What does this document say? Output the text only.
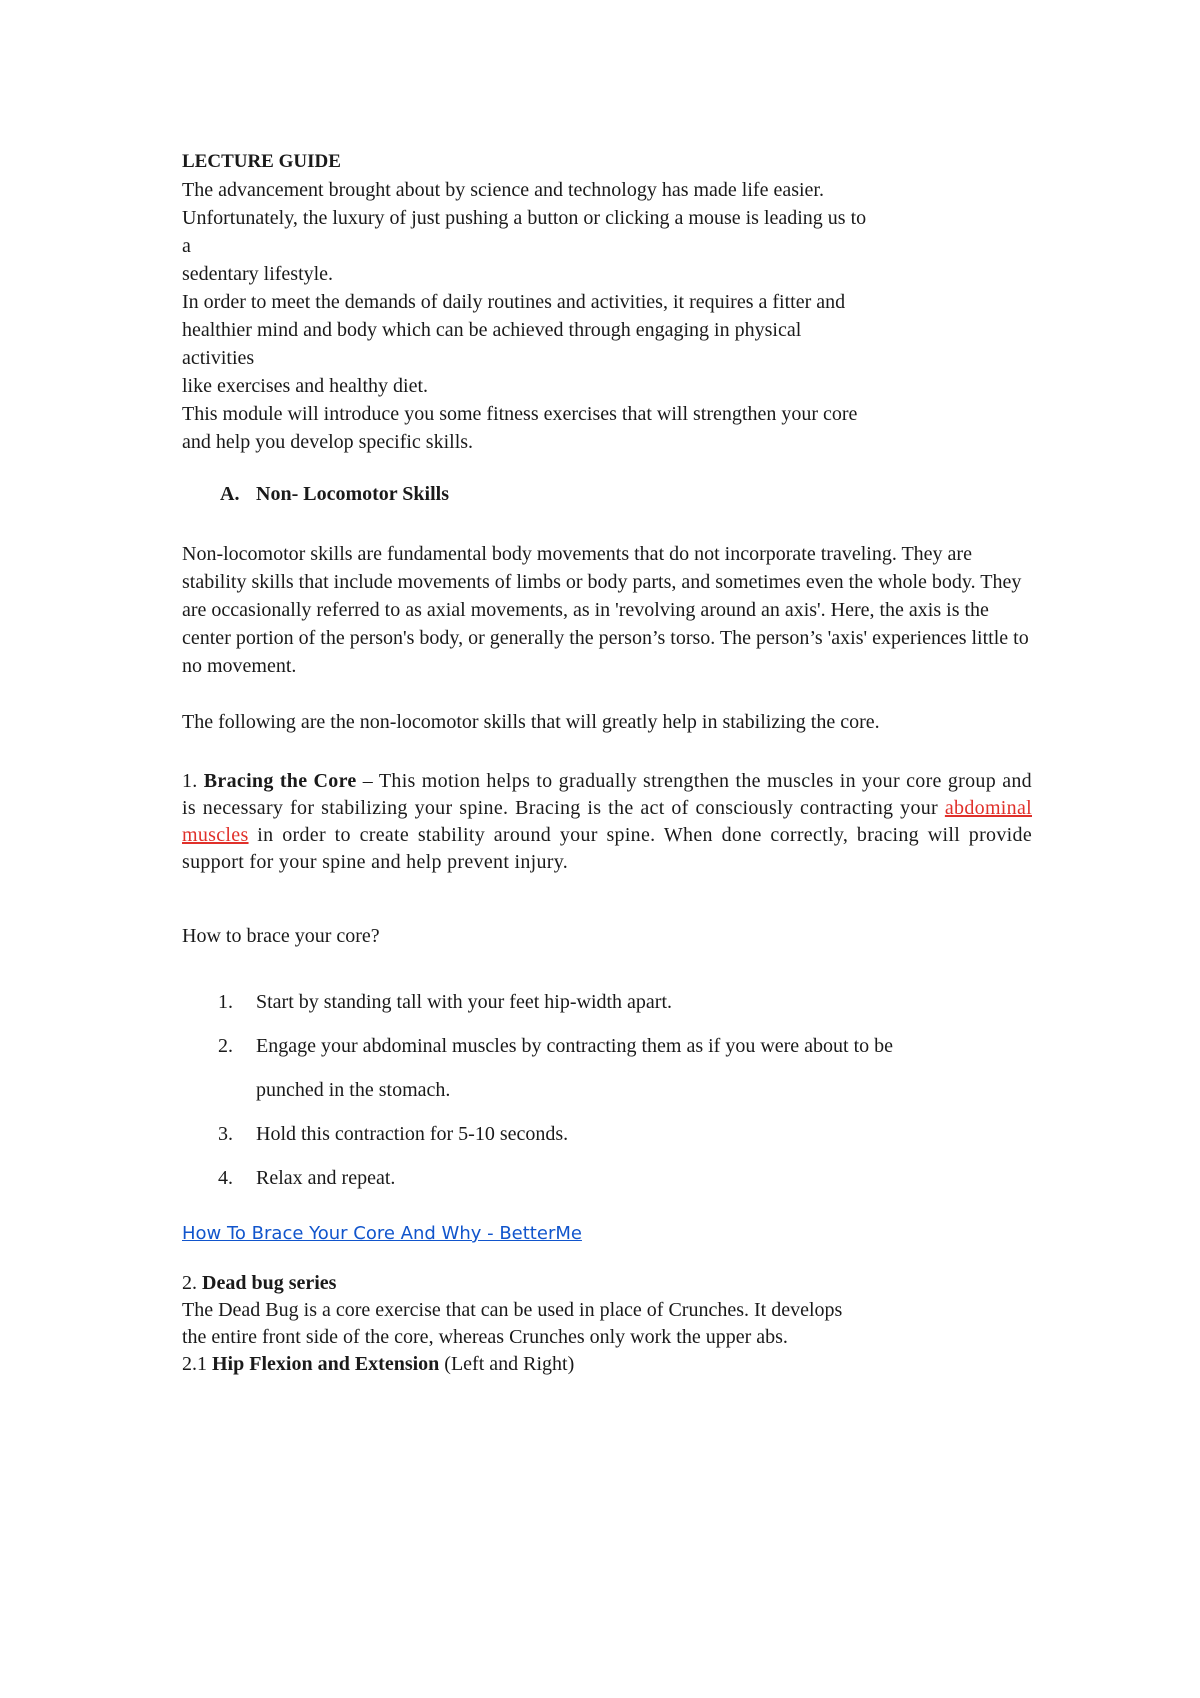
LECTURE GUIDE

The advancement brought about by science and technology has made life easier.

Unfortunately, the luxury of just pushing a button or clicking a mouse is leading us to

a

sedentary lifestyle.

In order to meet the demands of daily routines and activities, it requires a fitter and

healthier mind and body which can be achieved through engaging in physical

activities

like exercises and healthy diet.

This module will introduce you some fitness exercises that will strengthen your core

and help you develop specific skills.

A. Non- Locomotor Skills

Non-locomotor skills are fundamental body movements that do not incorporate traveling. They are stability skills that include movements of limbs or body parts, and sometimes even the whole body. They are occasionally referred to as axial movements, as in 'revolving around an axis'. Here, the axis is the center portion of the person's body, or generally the person’s torso. The person’s 'axis' experiences little to no movement.

The following are the non-locomotor skills that will greatly help in stabilizing the core.

1. Bracing the Core – This motion helps to gradually strengthen the muscles in your core group and is necessary for stabilizing your spine. Bracing is the act of consciously contracting your abdominal muscles in order to create stability around your spine. When done correctly, bracing will provide support for your spine and help prevent injury.

How to brace your core?

1. Start by standing tall with your feet hip-width apart.
2. Engage your abdominal muscles by contracting them as if you were about to be
punched in the stomach.
3. Hold this contraction for 5-10 seconds.
4. Relax and repeat.
How To Brace Your Core And Why - BetterMe

2. Dead bug series

The Dead Bug is a core exercise that can be used in place of Crunches. It develops

the entire front side of the core, whereas Crunches only work the upper abs.

2.1 Hip Flexion and Extension (Left and Right)
